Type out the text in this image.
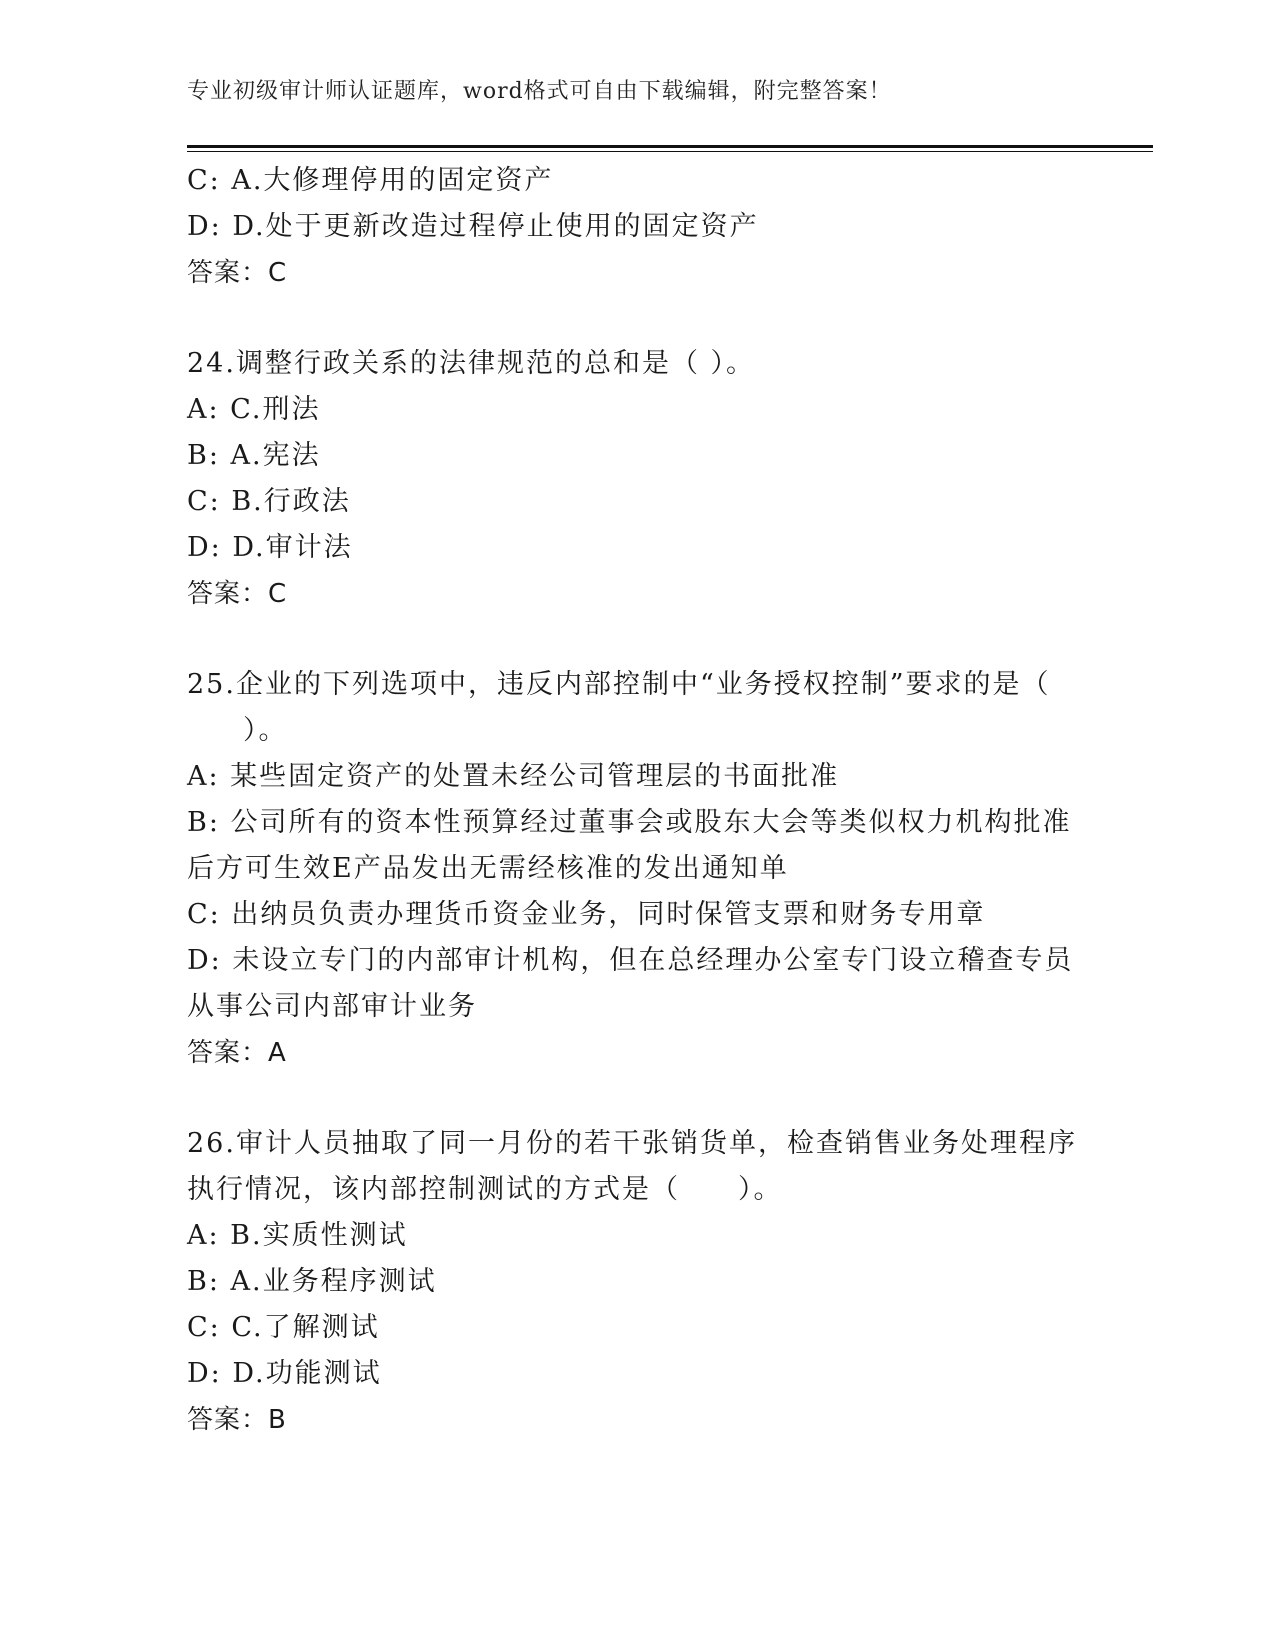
专业初级审计师认证题库，word格式可自由下载编辑，附完整答案！
C: A.大修理停用的固定资产
D: D.处于更新改造过程停止使用的固定资产
答案：C
24.调整行政关系的法律规范的总和是（ ）。
A: C.刑法
B: A.宪法
C: B.行政法
D: D.审计法
答案：C
25.企业的下列选项中，违反内部控制中“业务授权控制”要求的是（
）。
A: 某些固定资产的处置未经公司管理层的书面批准
B: 公司所有的资本性预算经过董事会或股东大会等类似权力机构批准
后方可生效E产品发出无需经核准的发出通知单
C: 出纳员负责办理货币资金业务，同时保管支票和财务专用章
D: 未设立专门的内部审计机构，但在总经理办公室专门设立稽查专员
从事公司内部审计业务
答案：A
26.审计人员抽取了同一月份的若干张销货单，检查销售业务处理程序
执行情况，该内部控制测试的方式是（　　）。
A: B.实质性测试
B: A.业务程序测试
C: C.了解测试
D: D.功能测试
答案：B
